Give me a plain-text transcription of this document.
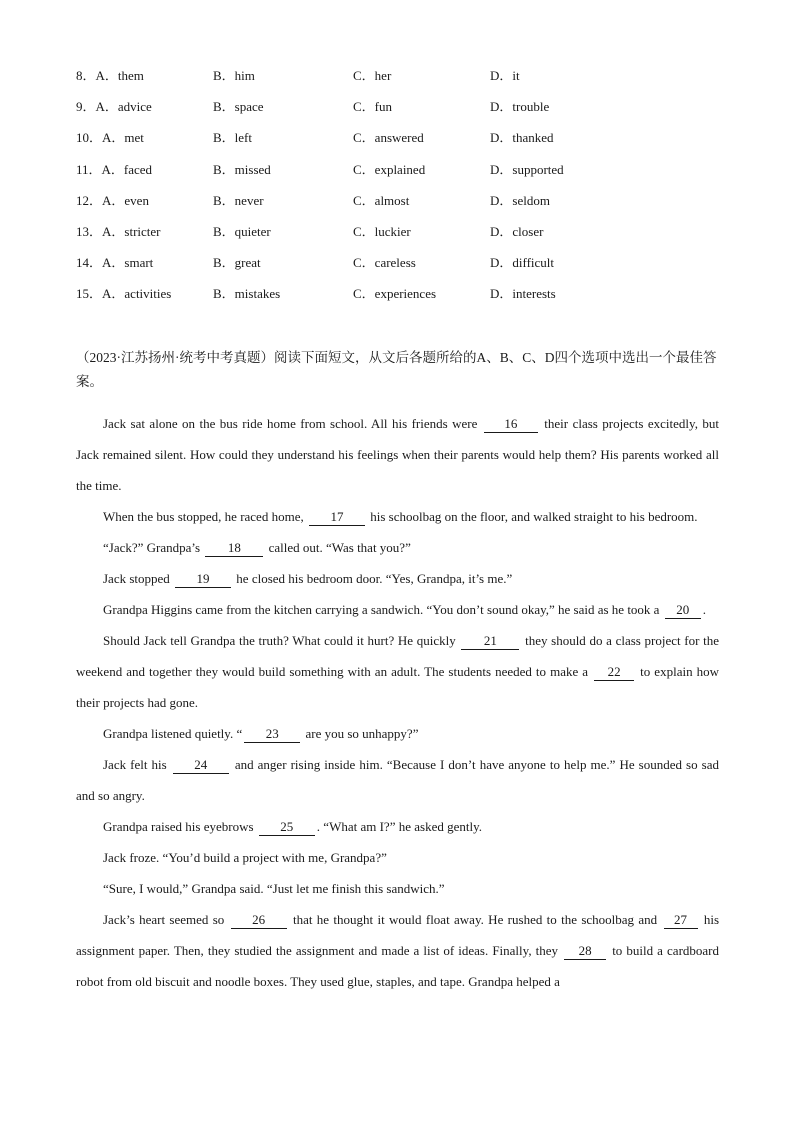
8．A．them	B．him	C．her	D．it
9．A．advice	B．space	C．fun	D．trouble
10．A．met	B．left	C．answered	D．thanked
11．A．faced	B．missed	C．explained	D．supported
12．A．even	B．never	C．almost	D．seldom
13．A．stricter	B．quieter	C．luckier	D．closer
14．A．smart	B．great	C．careless	D．difficult
15．A．activities	B．mistakes	C．experiences	D．interests
（2023·江苏扬州·统考中考真题）阅读下面短文，从文后各题所给的A、B、C、D四个选项中选出一个最佳答案。

Jack sat alone on the bus ride home from school. All his friends were 16 their class projects excitedly, but Jack remained silent. How could they understand his feelings when their parents would help them? His parents worked all the time.

When the bus stopped, he raced home, 17 his schoolbag on the floor, and walked straight to his bedroom.

“Jack?” Grandpa’s 18 called out. “Was that you?”

Jack stopped 19 he closed his bedroom door. “Yes, Grandpa, it’s me.”

Grandpa Higgins came from the kitchen carrying a sandwich. “You don’t sound okay,” he said as he took a 20 .

Should Jack tell Grandpa the truth? What could it hurt? He quickly 21 they should do a class project for the weekend and together they would build something with an adult. The students needed to make a 22 to explain how their projects had gone.

Grandpa listened quietly. “ 23 are you so unhappy?”

Jack felt his 24 and anger rising inside him. “Because I don’t have anyone to help me.” He sounded so sad and so angry.

Grandpa raised his eyebrows 25 . “What am I?” he asked gently.

Jack froze. “You’d build a project with me, Grandpa?”

“Sure, I would,” Grandpa said. “Just let me finish this sandwich.”

Jack’s heart seemed so 26 that he thought it would float away. He rushed to the schoolbag and 27 his assignment paper. Then, they studied the assignment and made a list of ideas. Finally, they 28 to build a cardboard robot from old biscuit and noodle boxes. They used glue, staples, and tape. Grandpa helped a
